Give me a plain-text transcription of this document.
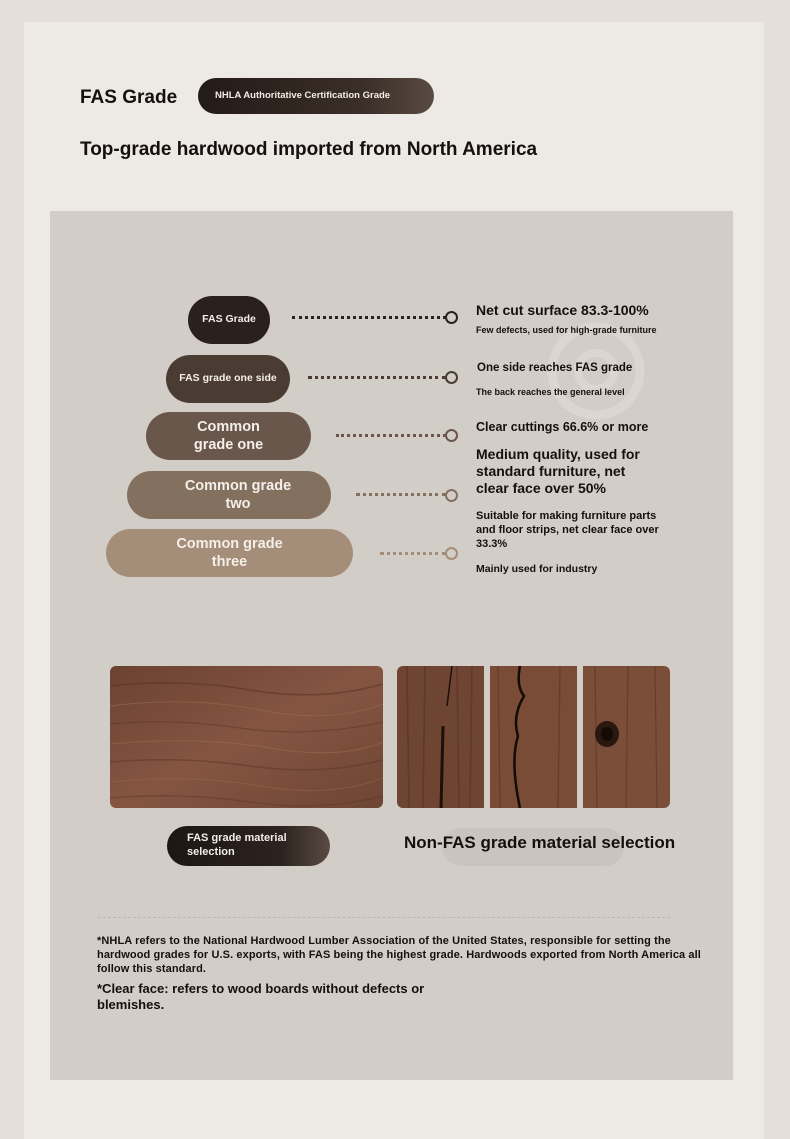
FAS Grade	NHLA Authoritative Certification Grade
Top-grade hardwood imported from North America
FAS Grade
FAS grade one side
Common grade one
Common grade two
Common grade three
Net cut surface 83.3-100%
Few defects, used for high-grade furniture
One side reaches FAS grade
The back reaches the general level
Clear cuttings 66.6% or more
Medium quality, used for standard furniture, net clear face over 50%
Suitable for making furniture parts and floor strips, net clear face over 33.3%
Mainly used for industry
FAS grade material selection	Non-FAS grade material selection
*NHLA refers to the National Hardwood Lumber Association of the United States, responsible for setting the hardwood grades for U.S. exports, with FAS being the highest grade. Hardwoods exported from North America all follow this standard.
*Clear face: refers to wood boards without defects or blemishes.
